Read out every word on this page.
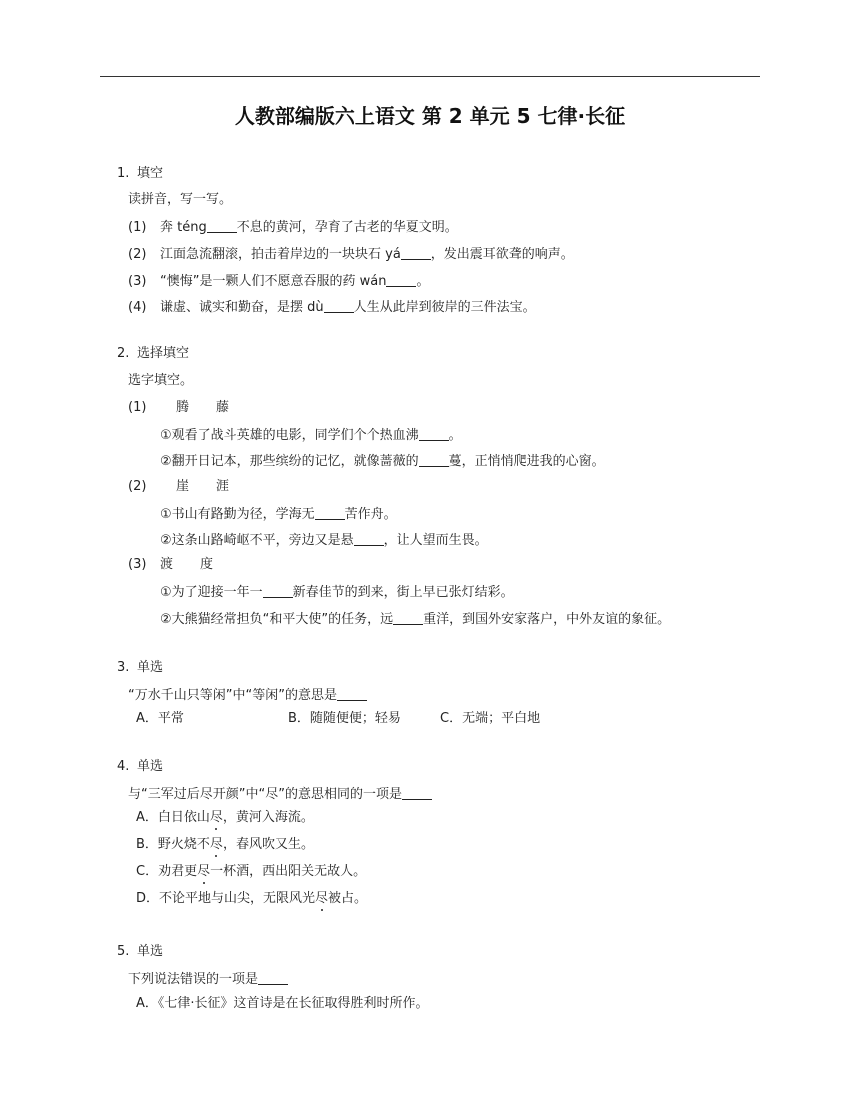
人教部编版六上语文 第 2 单元 5 七律·长征
1. 填空
读拼音，写一写。
(1) 奔 téng 不息的黄河，孕育了古老的华夏文明。
(2) 江面急流翻滚，拍击着岸边的一块块石 yá ，发出震耳欲聋的响声。
(3) “懊悔”是一颗人们不愿意吞服的药 wán 。
(4) 谦虚、诚实和勤奋，是摆 dù 人生从此岸到彼岸的三件法宝。
2. 选择填空
选字填空。
(1) 腾 藤
①观看了战斗英雄的电影，同学们个个热血沸 。
②翻开日记本，那些缤纷的记忆，就像蔷薇的 蔓，正悄悄爬进我的心窗。
(2) 崖 涯
①书山有路勤为径，学海无 苦作舟。
②这条山路崎岖不平，旁边又是悬 ，让人望而生畏。
(3) 渡 度
①为了迎接一年一 新春佳节的到来，街上早已张灯结彩。
②大熊猫经常担负“和平大使”的任务，远 重洋，到国外安家落户，中外友谊的象征。
3. 单选
“万水千山只等闲”中“等闲”的意思是
A．平常	B．随随便便；轻易	C．无端；平白地
4. 单选
与“三军过后尽开颜”中“尽”的意思相同的一项是
A．白日依山尽，黄河入海流。
B．野火烧不尽，春风吹又生。
C．劝君更尽一杯酒，西出阳关无故人。
D．不论平地与山尖，无限风光尽被占。
5. 单选
下列说法错误的一项是
A．《七律·长征》这首诗是在长征取得胜利时所作。
